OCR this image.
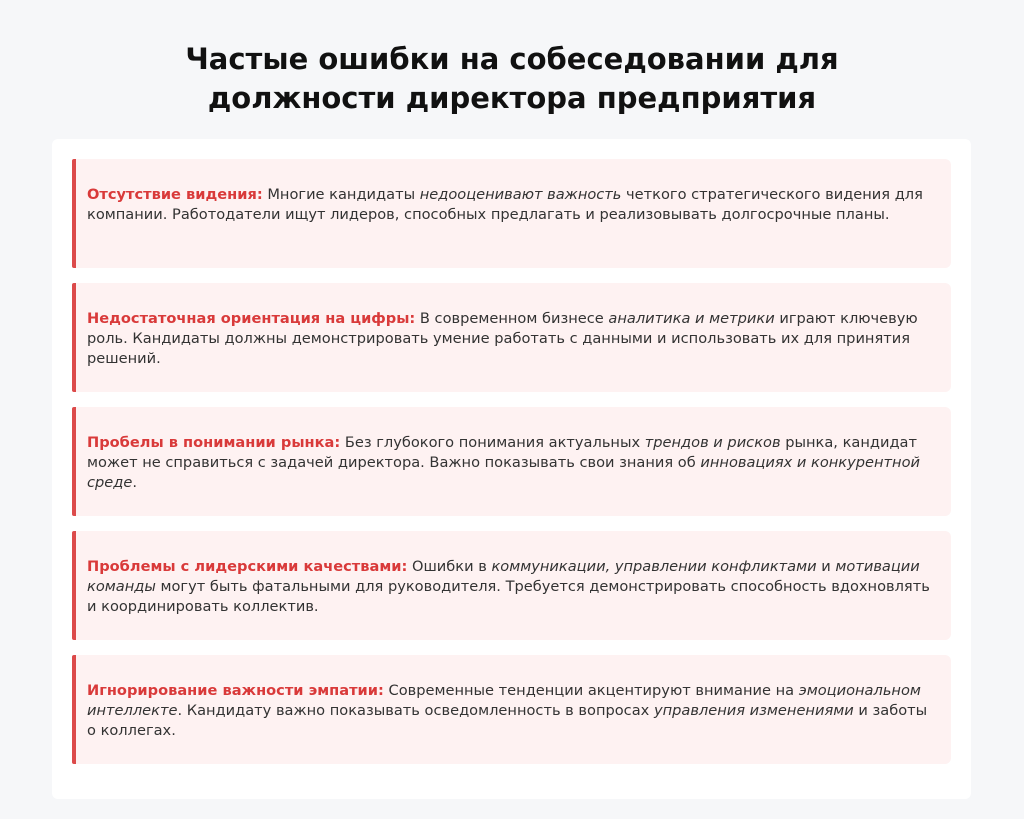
Частые ошибки на собеседовании для
должности директора предприятия

Отсутствие видения: Многие кандидаты недооценивают важность четкого стратегического видения для компании. Работодатели ищут лидеров, способных предлагать и реализовывать долгосрочные планы.

Недостаточная ориентация на цифры: В современном бизнесе аналитика и метрики играют ключевую роль. Кандидаты должны демонстрировать умение работать с данными и использовать их для принятия решений.

Пробелы в понимании рынка: Без глубокого понимания актуальных трендов и рисков рынка, кандидат может не справиться с задачей директора. Важно показывать свои знания об инновациях и конкурентной среде.

Проблемы с лидерскими качествами: Ошибки в коммуникации, управлении конфликтами и мотивации команды могут быть фатальными для руководителя. Требуется демонстрировать способность вдохновлять и координировать коллектив.

Игнорирование важности эмпатии: Современные тенденции акцентируют внимание на эмоциональном интеллекте. Кандидату важно показывать осведомленность в вопросах управления изменениями и заботы о коллегах.
